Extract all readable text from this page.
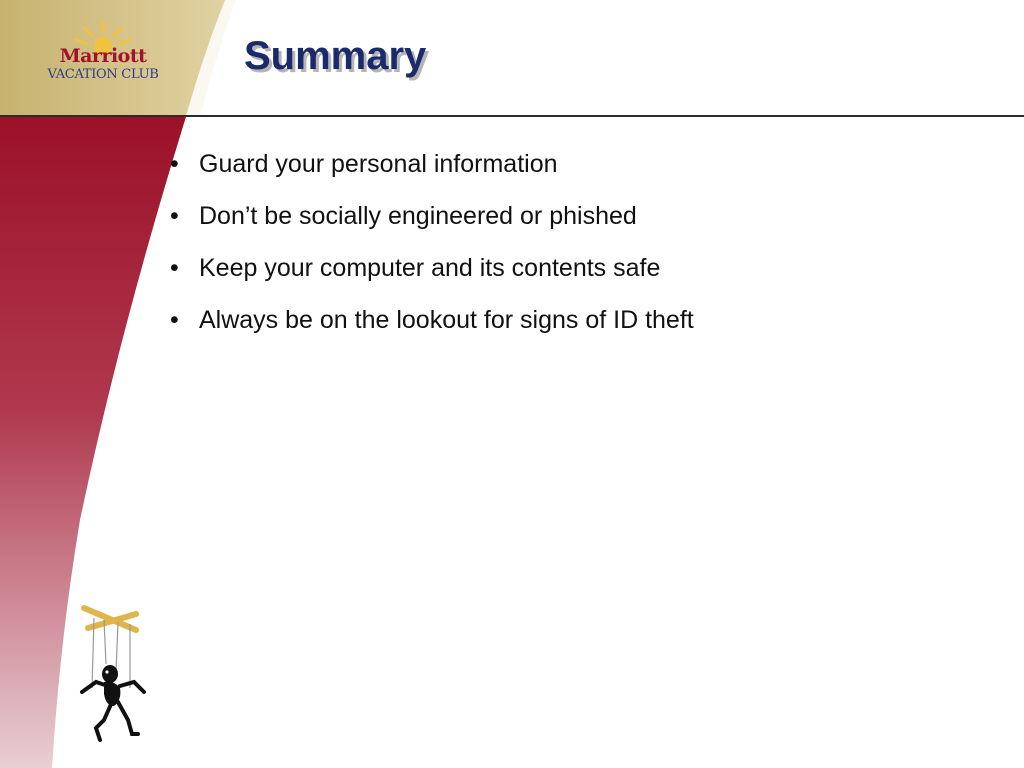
Marriott
VACATION CLUB	Summary
• Guard your personal information
• Don’t be socially engineered or phished
• Keep your computer and its contents safe
• Always be on the lookout for signs of ID theft
